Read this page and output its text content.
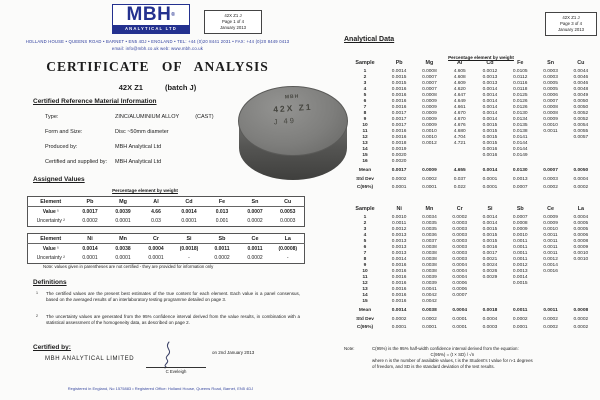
MBH®
ANALYTICAL LTD
42X Z1 J
Page 1 of 4
January 2013
HOLLAND HOUSE • QUEENS ROAD • BARNET • EN5 4DJ • ENGLAND • TEL: +44 (0)20 8441 2031 • FAX: +44 (0)20 8449 0413
email: info@mbh.co.uk web: www.mbh.co.uk
CERTIFICATE OF ANALYSIS
42X Z1	(batch J)
Certified Reference Material Information
Type:	ZINC/ALUMINIUM ALLOY	(CAST)
Form and Size:	Disc ~50mm diameter
Produced by:	MBH Analytical Ltd
Certified and supplied by: MBH Analytical Ltd
MBH
42X Z1
J 49
Assigned Values
Percentage element by weight
Element	Pb	Mg	Al	Cd	Fe	Sn	Cu
Value ¹	0.0017	0.0039	4.66	0.0014	0.013	0.0007	0.0053
Uncertainty ²	0.0002	0.0001	0.03	0.0001	0.001	0.0002	0.0003
Element	Ni	Mn	Cr	Si	Sb	Ce	La
Value ¹	0.0014	0.0038	0.0004	(0.0018)	0.0011	0.0011	(0.0008)
Uncertainty ²	0.0001	0.0001	0.0001	-	0.0002	0.0002	-
Note: values given in parentheses are not certified - they are provided for information only
Definitions
1	The certified values are the present best estimates of the true content for each element. Each value is a panel consensus, based on the averaged results of an interlaboratory testing programme detailed on page 3.
2	The uncertainty values are generated from the 95% confidence interval derived from the value results, in combination with a statistical assessment of the homogeneity data, as described on page 2.
Certified by:
MBH ANALYTICAL LIMITED
C Eveleigh
on 2nd January 2013
Registered in England, No 1575883 • Registered Office: Holland House, Queens Road, Barnet, EN5 4DJ
42X Z1 J
Page 3 of 4
January 2013
Analytical Data
Percentage element by weight
Sample	Pb	Mg	Al	Cd	Fe	Sn	Cu
1	0.0014	0.0008	4.605	0.0012	0.0105	0.0003	0.0044
2	0.0015	0.0007	4.608	0.0013	0.0112	0.0003	0.0046
3	0.0015	0.0007	4.609	0.0013	0.0116	0.0005	0.0046
4	0.0016	0.0007	4.620	0.0014	0.0118	0.0005	0.0048
5	0.0016	0.0008	4.647	0.0014	0.0125	0.0006	0.0049
6	0.0016	0.0009	4.649	0.0014	0.0126	0.0007	0.0050
7	0.0016	0.0009	4.661	0.0014	0.0126	0.0008	0.0050
8	0.0017	0.0009	4.670	0.0014	0.0130	0.0008	0.0052
9	0.0017	0.0009	4.670	0.0014	0.0134	0.0009	0.0052
10	0.0017	0.0009	4.676	0.0015	0.0135	0.0010	0.0054
11	0.0016	0.0010	4.680	0.0015	0.0138	0.0011	0.0055
12	0.0016	0.0010	4.704	0.0015	0.0141		0.0057
13	0.0018	0.0012	4.721	0.0015	0.0144		
14	0.0019			0.0016	0.0144		
15	0.0020			0.0016	0.0149		
16	0.0020						
Mean	0.0017	0.0009	4.655	0.0014	0.0130	0.0007	0.0050
Std Dev	0.0002	0.0002	0.037	0.0001	0.0013	0.0003	0.0004
C(95%)	0.0001	0.0001	0.022	0.0001	0.0007	0.0002	0.0002
Sample	Ni	Mn	Cr	Si	Sb	Ce	La
1	0.0010	0.0034	0.0002	0.0014	0.0007	0.0009	0.0004
2	0.0011	0.0035	0.0003	0.0014	0.0008	0.0009	0.0005
3	0.0012	0.0035	0.0003	0.0015	0.0009	0.0010	0.0005
4	0.0013	0.0036	0.0003	0.0015	0.0010	0.0011	0.0006
5	0.0013	0.0037	0.0003	0.0015	0.0011	0.0011	0.0008
6	0.0013	0.0038	0.0003	0.0016	0.0011	0.0011	0.0009
7	0.0013	0.0038	0.0003	0.0017	0.0011	0.0011	0.0010
8	0.0014	0.0038	0.0003	0.0021	0.0011	0.0012	0.0010
9	0.0016	0.0038	0.0004	0.0024	0.0012	0.0014	
10	0.0016	0.0038	0.0004	0.0026	0.0013	0.0016	
11	0.0016	0.0039	0.0004	0.0029	0.0014		
12	0.0016	0.0039	0.0006		0.0015		
13	0.0016	0.0041	0.0006				
14	0.0016	0.0042	0.0007				
15	0.0016	0.0042					
Mean	0.0014	0.0038	0.0004	0.0018	0.0011	0.0011	0.0008
Std Dev	0.0002	0.0002	0.0001	0.0004	0.0002	0.0002	0.0002
C(95%)	0.0001	0.0001	0.0001	0.0003	0.0001	0.0002	0.0002
Note:	C(95%) is the 95% half-width confidence interval derived from the equation:
C(95%) = (t × SD) / √n
where n is the number of available values, t is the Student's t value for n-1 degrees
of freedom, and SD is the standard deviation of the test results.
